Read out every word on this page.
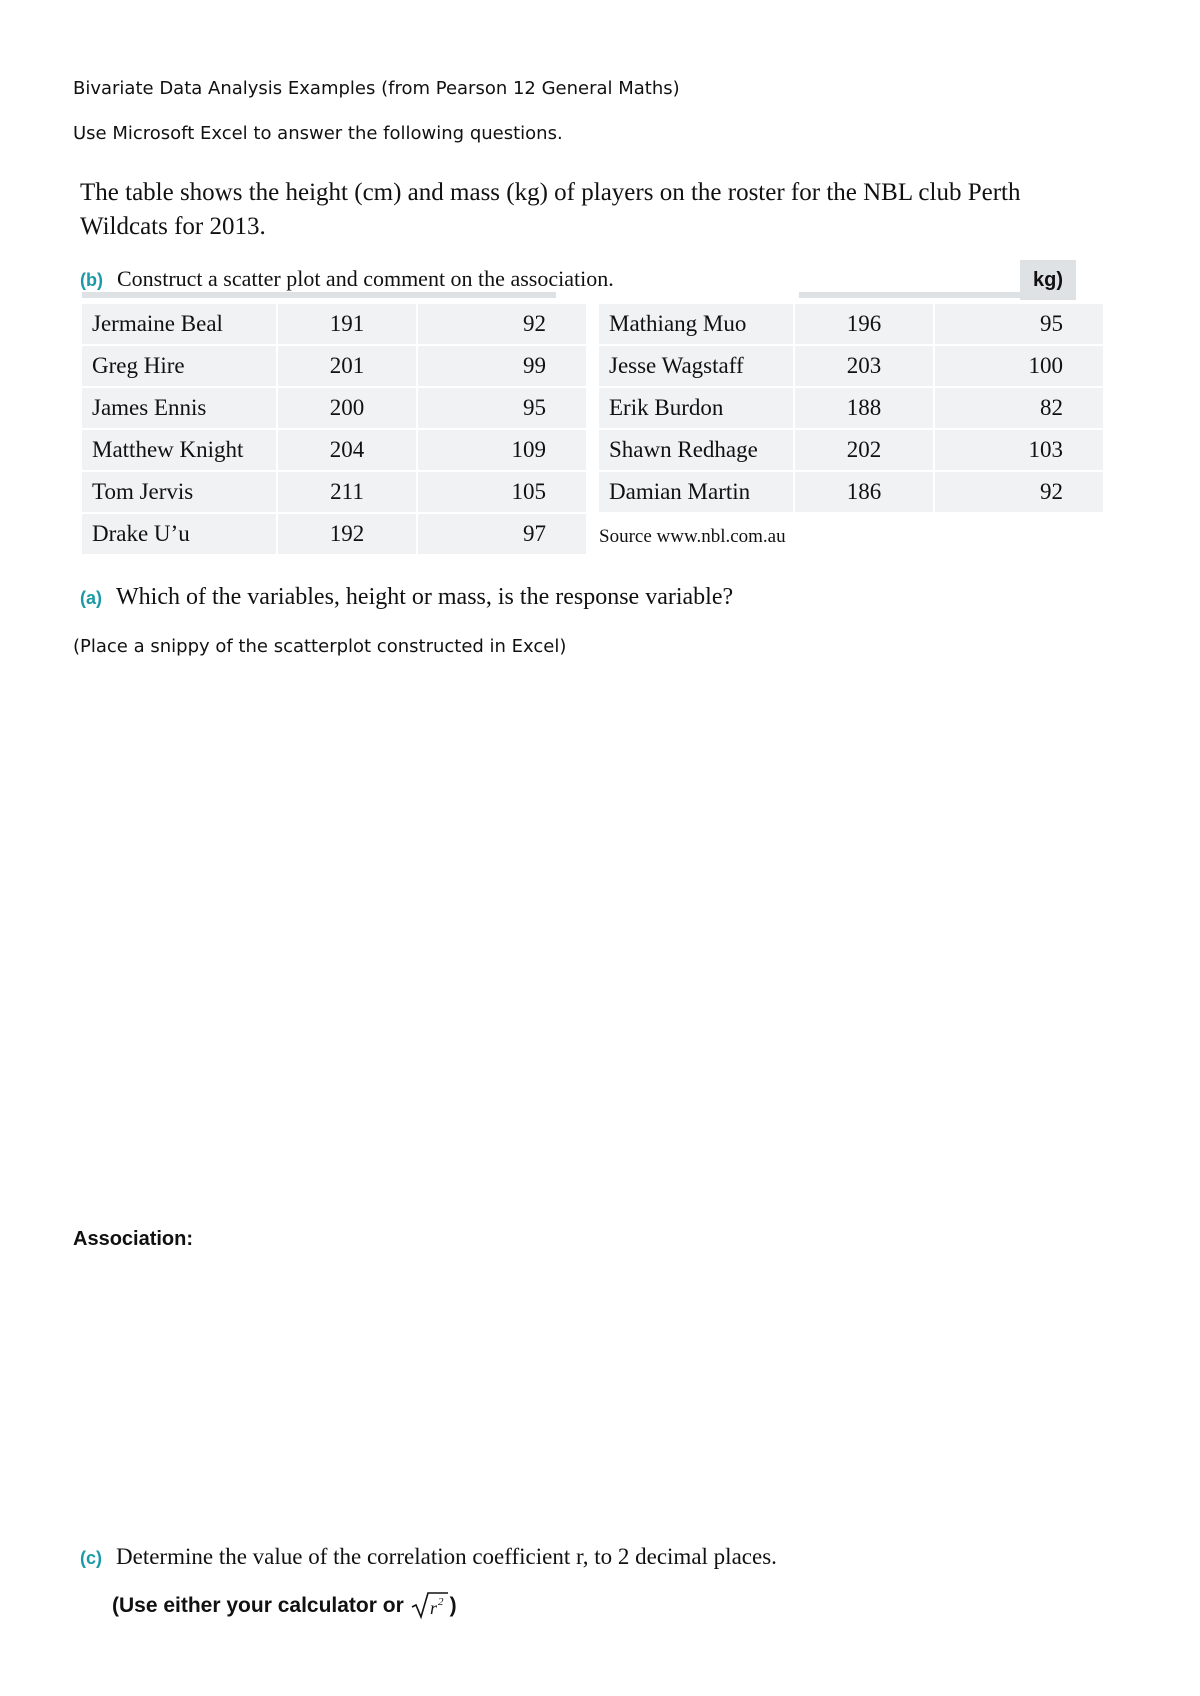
Bivariate Data Analysis Examples (from Pearson 12 General Maths)
Use Microsoft Excel to answer the following questions.
The table shows the height (cm) and mass (kg) of players on the roster for the NBL club Perth Wildcats for 2013.
(b) Construct a scatter plot and comment on the association.	kg)
Jermaine Beal	191	92
Greg Hire	201	99
James Ennis	200	95
Matthew Knight	204	109
Tom Jervis	211	105
Drake U’u	192	97
Mathiang Muo	196	95
Jesse Wagstaff	203	100
Erik Burdon	188	82
Shawn Redhage	202	103
Damian Martin	186	92
Source www.nbl.com.au
(a) Which of the variables, height or mass, is the response variable?
(Place a snippy of the scatterplot constructed in Excel)
Association:
(c) Determine the value of the correlation coefficient r, to 2 decimal places.
(Use either your calculator or r 2 )
